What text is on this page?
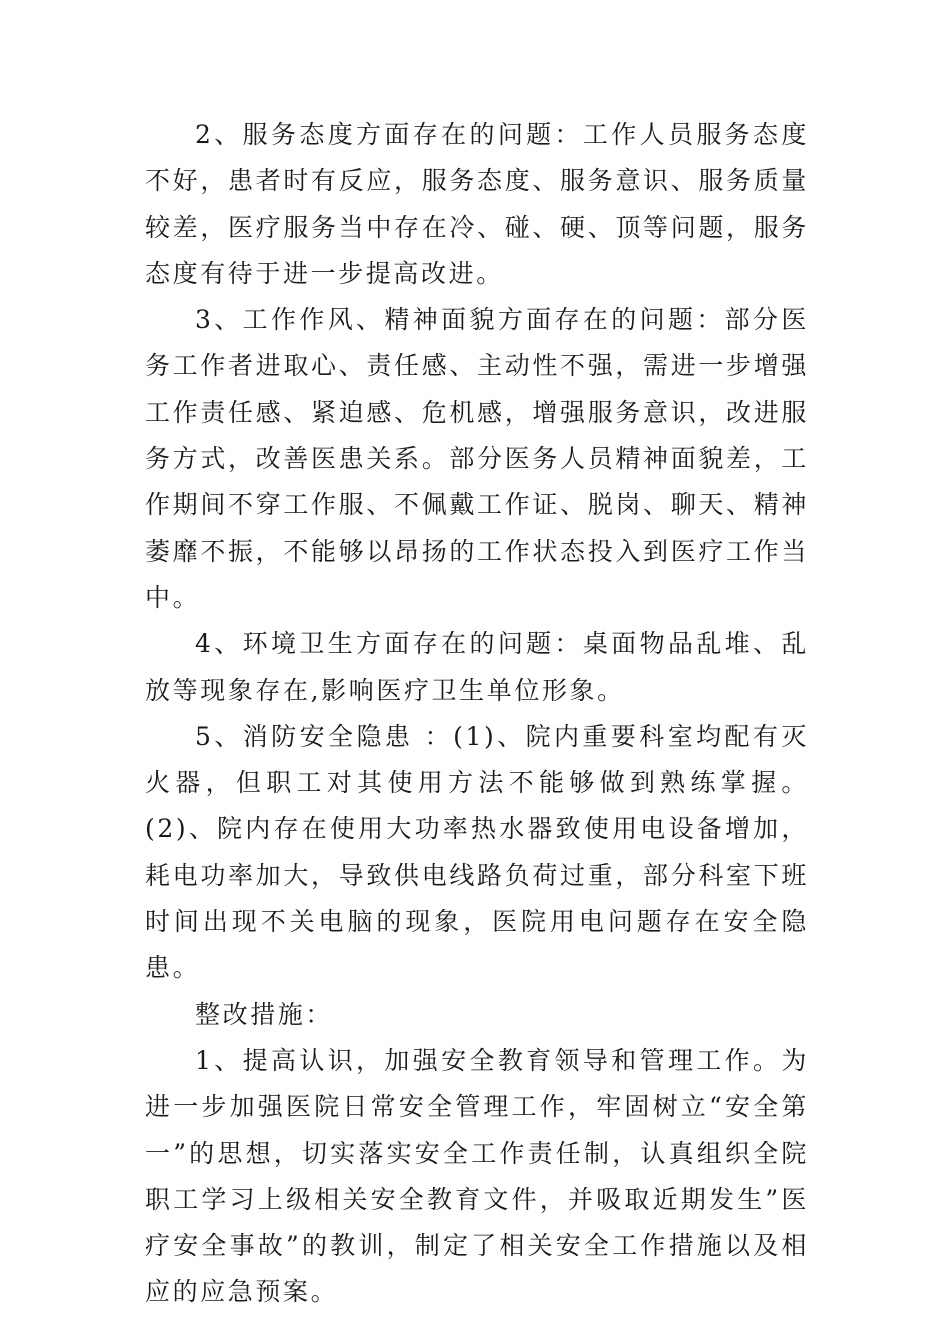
2、服务态度方面存在的问题：工作人员服务态度不好，患者时有反应，服务态度、服务意识、服务质量较差，医疗服务当中存在冷、碰、硬、顶等问题，服务态度有待于进一步提高改进。

3、工作作风、精神面貌方面存在的问题：部分医务工作者进取心、责任感、主动性不强，需进一步增强工作责任感、紧迫感、危机感，增强服务意识，改进服务方式，改善医患关系。部分医务人员精神面貌差，工作期间不穿工作服、不佩戴工作证、脱岗、聊天、精神萎靡不振，不能够以昂扬的工作状态投入到医疗工作当中。

4、环境卫生方面存在的问题：桌面物品乱堆、乱放等现象存在,影响医疗卫生单位形象。

5、消防安全隐患 ：(1)、院内重要科室均配有灭火器，但职工对其使用方法不能够做到熟练掌握。 (2)、院内存在使用大功率热水器致使用电设备增加，耗电功率加大，导致供电线路负荷过重，部分科室下班时间出现不关电脑的现象，医院用电问题存在安全隐患。

整改措施：

1、提高认识，加强安全教育领导和管理工作。为进一步加强医院日常安全管理工作，牢固树立“安全第一”的思想，切实落实安全工作责任制，认真组织全院职工学习上级相关安全教育文件，并吸取近期发生”医疗安全事故”的教训，制定了相关安全工作措施以及相应的应急预案。
